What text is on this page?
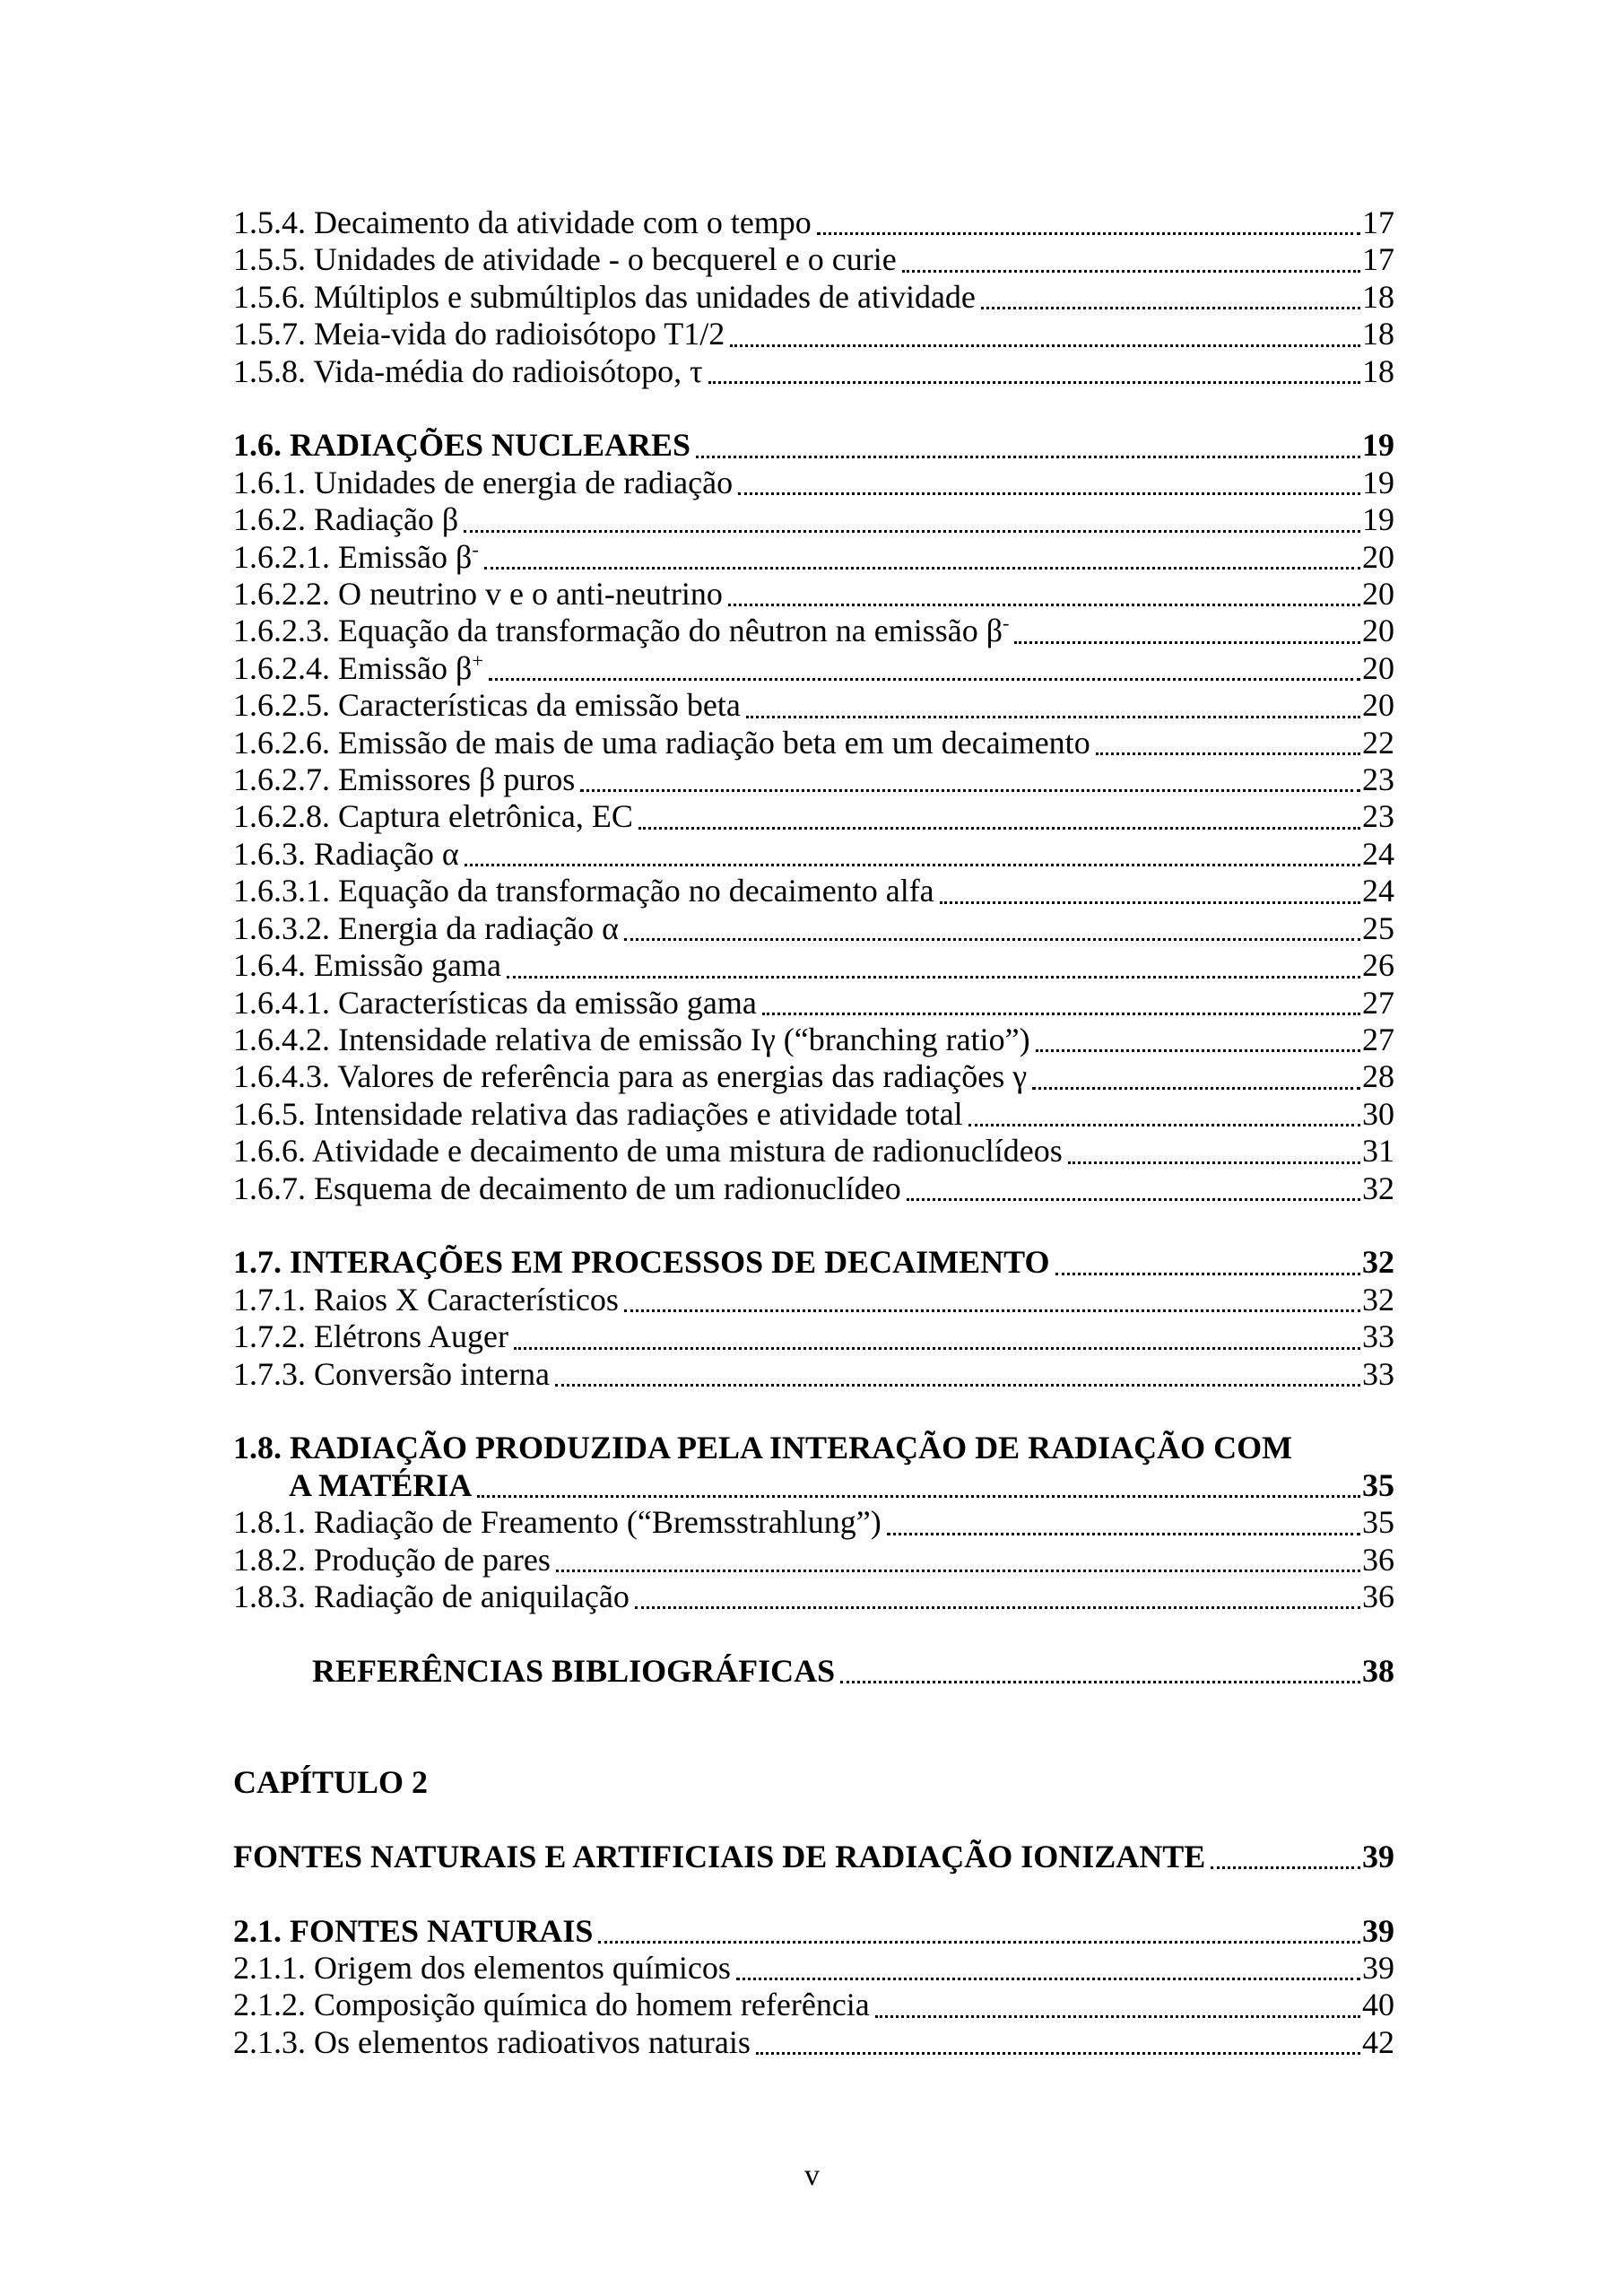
1.5.4. Decaimento da atividade com o tempo	17
1.5.5. Unidades de atividade - o becquerel e o curie	17
1.5.6. Múltiplos e submúltiplos das unidades de atividade	18
1.5.7. Meia-vida do radioisótopo T1/2	18
1.5.8. Vida-média do radioisótopo, τ	18
1.6. RADIAÇÕES NUCLEARES	19
1.6.1. Unidades de energia de radiação	19
1.6.2. Radiação β	19
1.6.2.1. Emissão β-	20
1.6.2.2. O neutrino v e o anti-neutrino	20
1.6.2.3. Equação da transformação do nêutron na emissão β-	20
1.6.2.4. Emissão β+	20
1.6.2.5. Características da emissão beta	20
1.6.2.6. Emissão de mais de uma radiação beta em um decaimento	22
1.6.2.7. Emissores β puros	23
1.6.2.8. Captura eletrônica, EC	23
1.6.3. Radiação α	24
1.6.3.1. Equação da transformação no decaimento alfa	24
1.6.3.2. Energia da radiação α	25
1.6.4. Emissão gama	26
1.6.4.1. Características da emissão gama	27
1.6.4.2. Intensidade relativa de emissão Iγ (“branching ratio”)	27
1.6.4.3. Valores de referência para as energias das radiações γ	28
1.6.5. Intensidade relativa das radiações e atividade total	30
1.6.6. Atividade e decaimento de uma mistura de radionuclídeos	31
1.6.7. Esquema de decaimento de um radionuclídeo	32
1.7. INTERAÇÕES EM PROCESSOS DE DECAIMENTO	32
1.7.1. Raios X Característicos	32
1.7.2. Elétrons Auger	33
1.7.3. Conversão interna	33
1.8. RADIAÇÃO PRODUZIDA PELA INTERAÇÃO DE RADIAÇÃO COM
A MATÉRIA	35
1.8.1. Radiação de Freamento (“Bremsstrahlung”)	35
1.8.2. Produção de pares	36
1.8.3. Radiação de aniquilação	36
REFERÊNCIAS BIBLIOGRÁFICAS	38
CAPÍTULO 2
FONTES NATURAIS E ARTIFICIAIS DE RADIAÇÃO IONIZANTE	39
2.1. FONTES NATURAIS	39
2.1.1. Origem dos elementos químicos	39
2.1.2. Composição química do homem referência	40
2.1.3. Os elementos radioativos naturais	42
v
